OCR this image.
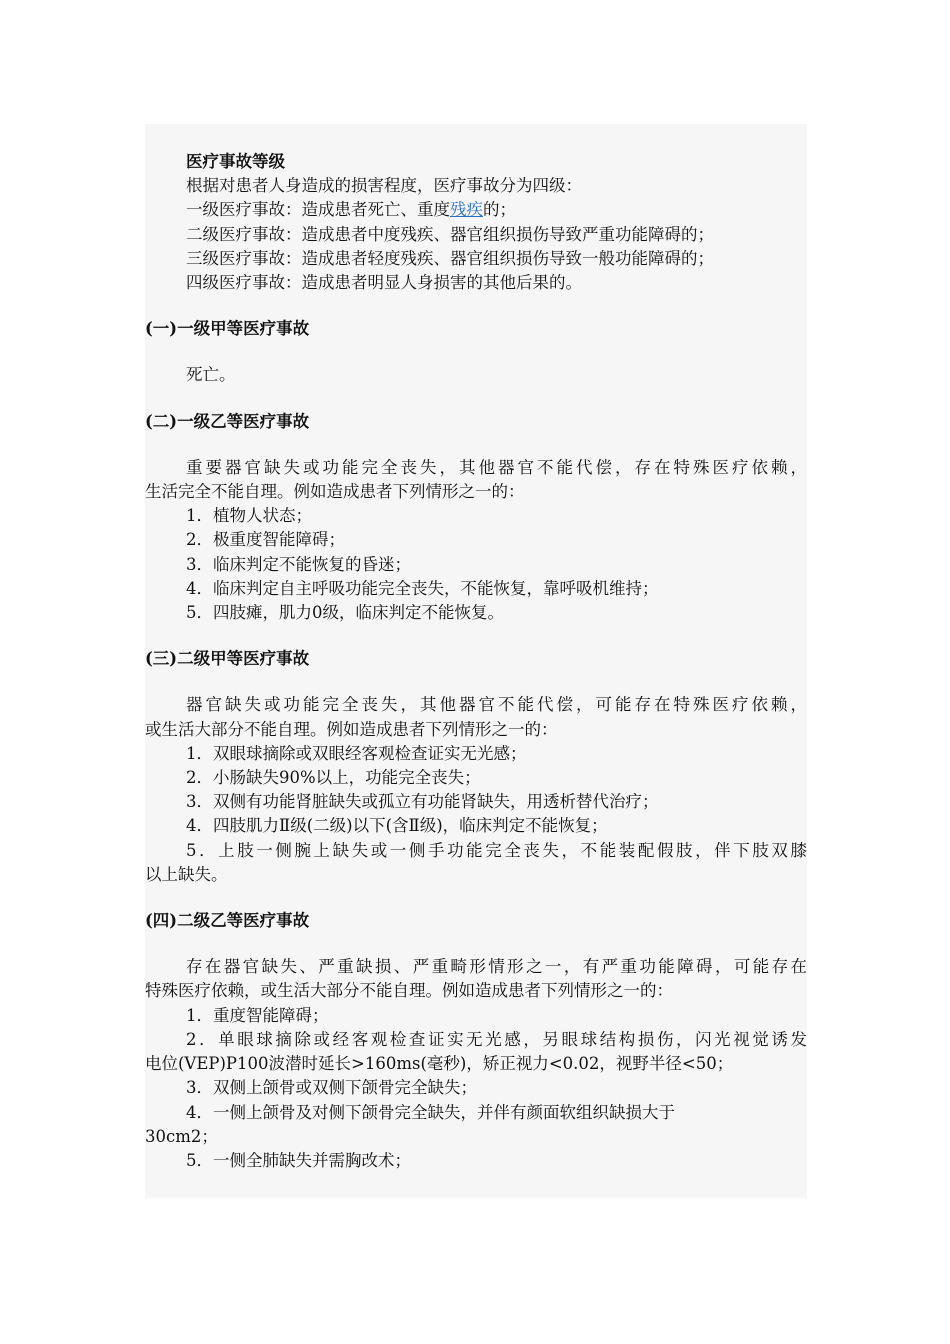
医疗事故等级
根据对患者人身造成的损害程度，医疗事故分为四级：
一级医疗事故：造成患者死亡、重度残疾的；
二级医疗事故：造成患者中度残疾、器官组织损伤导致严重功能障碍的；
三级医疗事故：造成患者轻度残疾、器官组织损伤导致一般功能障碍的；
四级医疗事故：造成患者明显人身损害的其他后果的。
(一)一级甲等医疗事故
死亡。
(二)一级乙等医疗事故
重要器官缺失或功能完全丧失，其他器官不能代偿，存在特殊医疗依赖，
生活完全不能自理。例如造成患者下列情形之一的：
1．植物人状态；
2．极重度智能障碍；
3．临床判定不能恢复的昏迷；
4．临床判定自主呼吸功能完全丧失，不能恢复，靠呼吸机维持；
5．四肢瘫，肌力0级，临床判定不能恢复。
(三)二级甲等医疗事故
器官缺失或功能完全丧失，其他器官不能代偿，可能存在特殊医疗依赖，
或生活大部分不能自理。例如造成患者下列情形之一的：
1．双眼球摘除或双眼经客观检查证实无光感；
2．小肠缺失90%以上，功能完全丧失；
3．双侧有功能肾脏缺失或孤立有功能肾缺失，用透析替代治疗；
4．四肢肌力Ⅱ级(二级)以下(含Ⅱ级)，临床判定不能恢复；
5．上肢一侧腕上缺失或一侧手功能完全丧失，不能装配假肢，伴下肢双膝
以上缺失。
(四)二级乙等医疗事故
存在器官缺失、严重缺损、严重畸形情形之一，有严重功能障碍，可能存在
特殊医疗依赖，或生活大部分不能自理。例如造成患者下列情形之一的：
1．重度智能障碍；
2．单眼球摘除或经客观检查证实无光感，另眼球结构损伤，闪光视觉诱发
电位(VEP)P100波潜时延长>160ms(毫秒)，矫正视力<0.02，视野半径<50；
3．双侧上颌骨或双侧下颌骨完全缺失；
4．一侧上颌骨及对侧下颌骨完全缺失，并伴有颜面软组织缺损大于
30cm2；
5．一侧全肺缺失并需胸改术；
